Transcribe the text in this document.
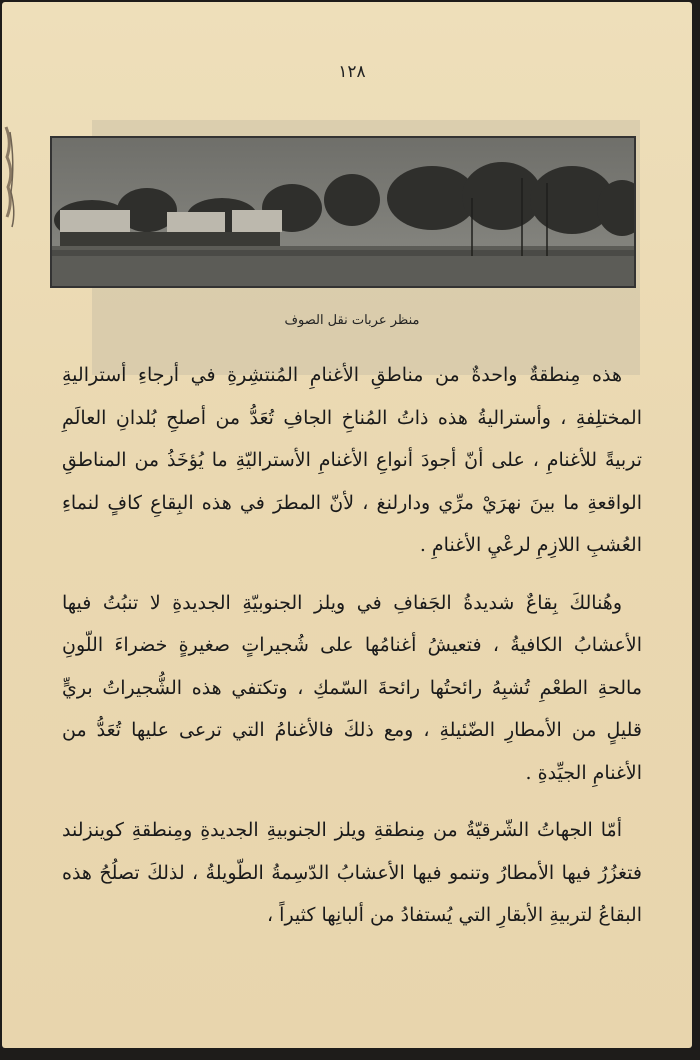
١٢٨
منظر عربات نقل الصوف

هذه مِنطقةٌ واحدةٌ من مناطقِ الأغنامِ المُنتشِرةِ في أرجاءِ أستراليةِ المختلِفةِ ، وأستراليةُ هذه ذاتُ المُناخِ الجافِ تُعَدُّ من أصلحِ بُلدانِ العالَمِ تربيةً للأغنامِ ، على أنّ أجودَ أنواعِ الأغنامِ الأستراليّةِ ما يُؤخَذُ من المناطقِ الواقعةِ ما بينَ نهرَيْ مرِّي ودارلنغ ، لأنّ المطرَ في هذه البِقاعِ كافٍ لنماءِ العُشبِ اللازِمِ لرعْيِ الأغنامِ .

وهُنالكَ بِقاعٌ شديدةُ الجَفافِ في ويلز الجنوبيّةِ الجديدةِ لا تنبُتُ فيها الأعشابُ الكافيةُ ، فتعيشُ أغنامُها على شُجيراتٍ صغيرةٍ خضراءَ اللّونِ مالحةِ الطعْمِ تُشبِهُ رائحتُها رائحةَ السّمكِ ، وتكتفي هذه الشُّجيراتُ بريٍّ قليلٍ من الأمطارِ الضّئيلةِ ، ومع ذلكَ فالأغنامُ التي ترعى عليها تُعَدُّ من الأغنامِ الجيِّدةِ .

أمّا الجهاتُ الشّرقيّةُ من مِنطقةِ ويلز الجنوبيةِ الجديدةِ ومِنطقةِ كوينزلند فتغزُرُ فيها الأمطارُ وتنمو فيها الأعشابُ الدّسِمةُ الطّويلةُ ، لذلكَ تصلُحُ هذه البقاعُ لتربيةِ الأبقارِ التي يُستفادُ من ألبانِها كثيراً ،
